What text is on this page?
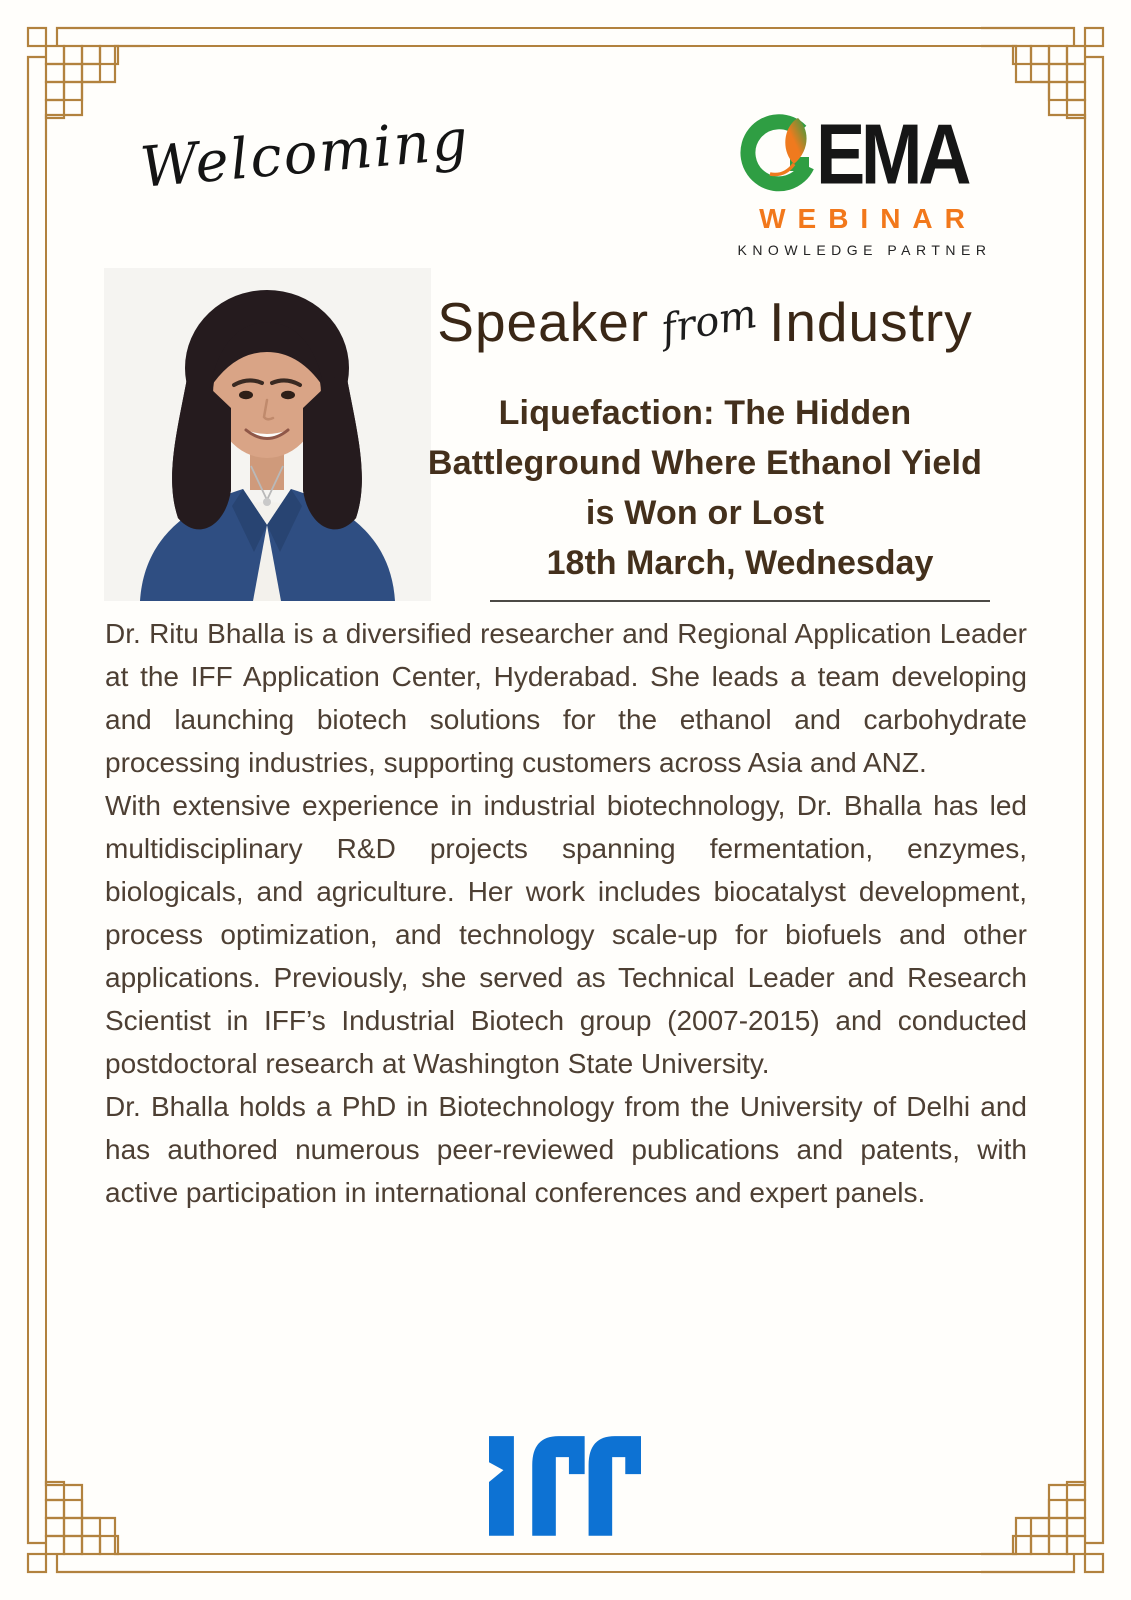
Welcoming	EMA
WEBINAR
KNOWLEDGE PARTNER
Speaker from Industry
Liquefaction: The Hidden Battleground Where Ethanol Yield is Won or Lost
18th March, Wednesday

Dr. Ritu Bhalla is a diversified researcher and Regional Application Leader at the IFF Application Center, Hyderabad. She leads a team developing and launching biotech solutions for the ethanol and carbohydrate processing industries, supporting customers across Asia and ANZ.

With extensive experience in industrial biotechnology, Dr. Bhalla has led multidisciplinary R&D projects spanning fermentation, enzymes, biologicals, and agriculture. Her work includes biocatalyst development, process optimization, and technology scale-up for biofuels and other applications. Previously, she served as Technical Leader and Research Scientist in IFF’s Industrial Biotech group (2007-2015) and conducted postdoctoral research at Washington State University.

Dr. Bhalla holds a PhD in Biotechnology from the University of Delhi and has authored numerous peer-reviewed publications and patents, with active participation in international conferences and expert panels.
